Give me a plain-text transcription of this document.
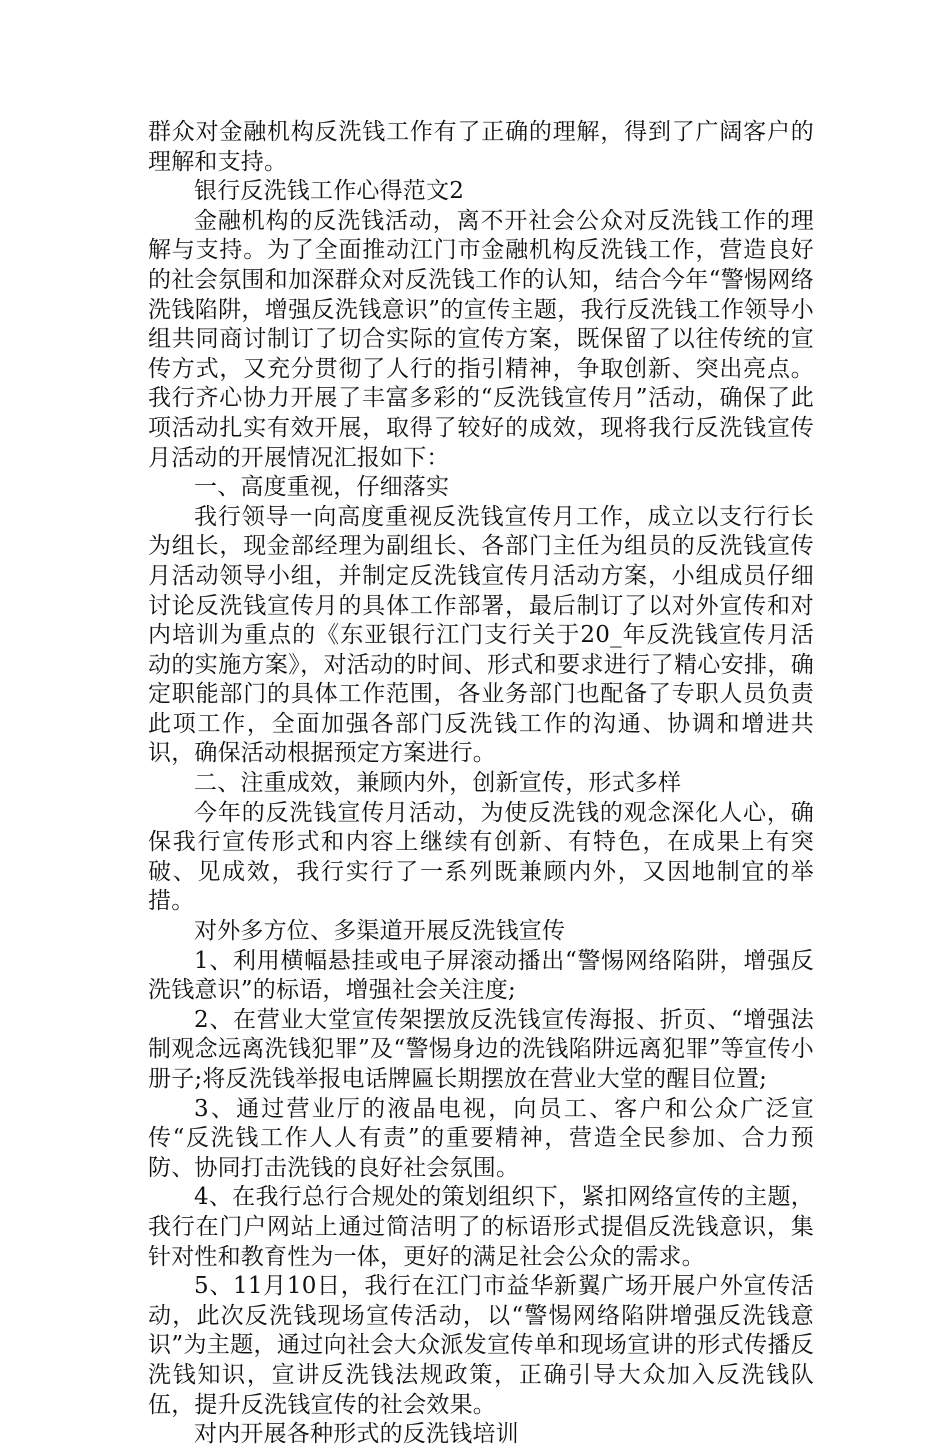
群众对金融机构反洗钱工作有了正确的理解，得到了广阔客户的理解和支持。

银行反洗钱工作心得范文2

金融机构的反洗钱活动，离不开社会公众对反洗钱工作的理解与支持。为了全面推动江门市金融机构反洗钱工作，营造良好的社会氛围和加深群众对反洗钱工作的认知，结合今年“警惕网络洗钱陷阱，增强反洗钱意识”的宣传主题，我行反洗钱工作领导小组共同商讨制订了切合实际的宣传方案，既保留了以往传统的宣传方式，又充分贯彻了人行的指引精神，争取创新、突出亮点。我行齐心协力开展了丰富多彩的“反洗钱宣传月”活动，确保了此项活动扎实有效开展，取得了较好的成效，现将我行反洗钱宣传月活动的开展情况汇报如下：

一、高度重视，仔细落实

我行领导一向高度重视反洗钱宣传月工作，成立以支行行长为组长，现金部经理为副组长、各部门主任为组员的反洗钱宣传月活动领导小组，并制定反洗钱宣传月活动方案，小组成员仔细讨论反洗钱宣传月的具体工作部署，最后制订了以对外宣传和对内培训为重点的《东亚银行江门支行关于20_年反洗钱宣传月活动的实施方案》，对活动的时间、形式和要求进行了精心安排，确定职能部门的具体工作范围，各业务部门也配备了专职人员负责此项工作，全面加强各部门反洗钱工作的沟通、协调和增进共识，确保活动根据预定方案进行。

二、注重成效，兼顾内外，创新宣传，形式多样

今年的反洗钱宣传月活动，为使反洗钱的观念深化人心，确保我行宣传形式和内容上继续有创新、有特色，在成果上有突破、见成效，我行实行了一系列既兼顾内外，又因地制宜的举措。

对外多方位、多渠道开展反洗钱宣传

1、利用横幅悬挂或电子屏滚动播出“警惕网络陷阱，增强反洗钱意识”的标语，增强社会关注度;

2、在营业大堂宣传架摆放反洗钱宣传海报、折页、“增强法制观念远离洗钱犯罪”及“警惕身边的洗钱陷阱远离犯罪”等宣传小册子;将反洗钱举报电话牌匾长期摆放在营业大堂的醒目位置;

3、通过营业厅的液晶电视，向员工、客户和公众广泛宣传“反洗钱工作人人有责”的重要精神，营造全民参加、合力预防、协同打击洗钱的良好社会氛围。

4、在我行总行合规处的策划组织下，紧扣网络宣传的主题，我行在门户网站上通过简洁明了的标语形式提倡反洗钱意识，集针对性和教育性为一体，更好的满足社会公众的需求。

5、11月10日，我行在江门市益华新翼广场开展户外宣传活动，此次反洗钱现场宣传活动，以“警惕网络陷阱增强反洗钱意识”为主题，通过向社会大众派发宣传单和现场宣讲的形式传播反洗钱知识，宣讲反洗钱法规政策，正确引导大众加入反洗钱队伍，提升反洗钱宣传的社会效果。

对内开展各种形式的反洗钱培训
